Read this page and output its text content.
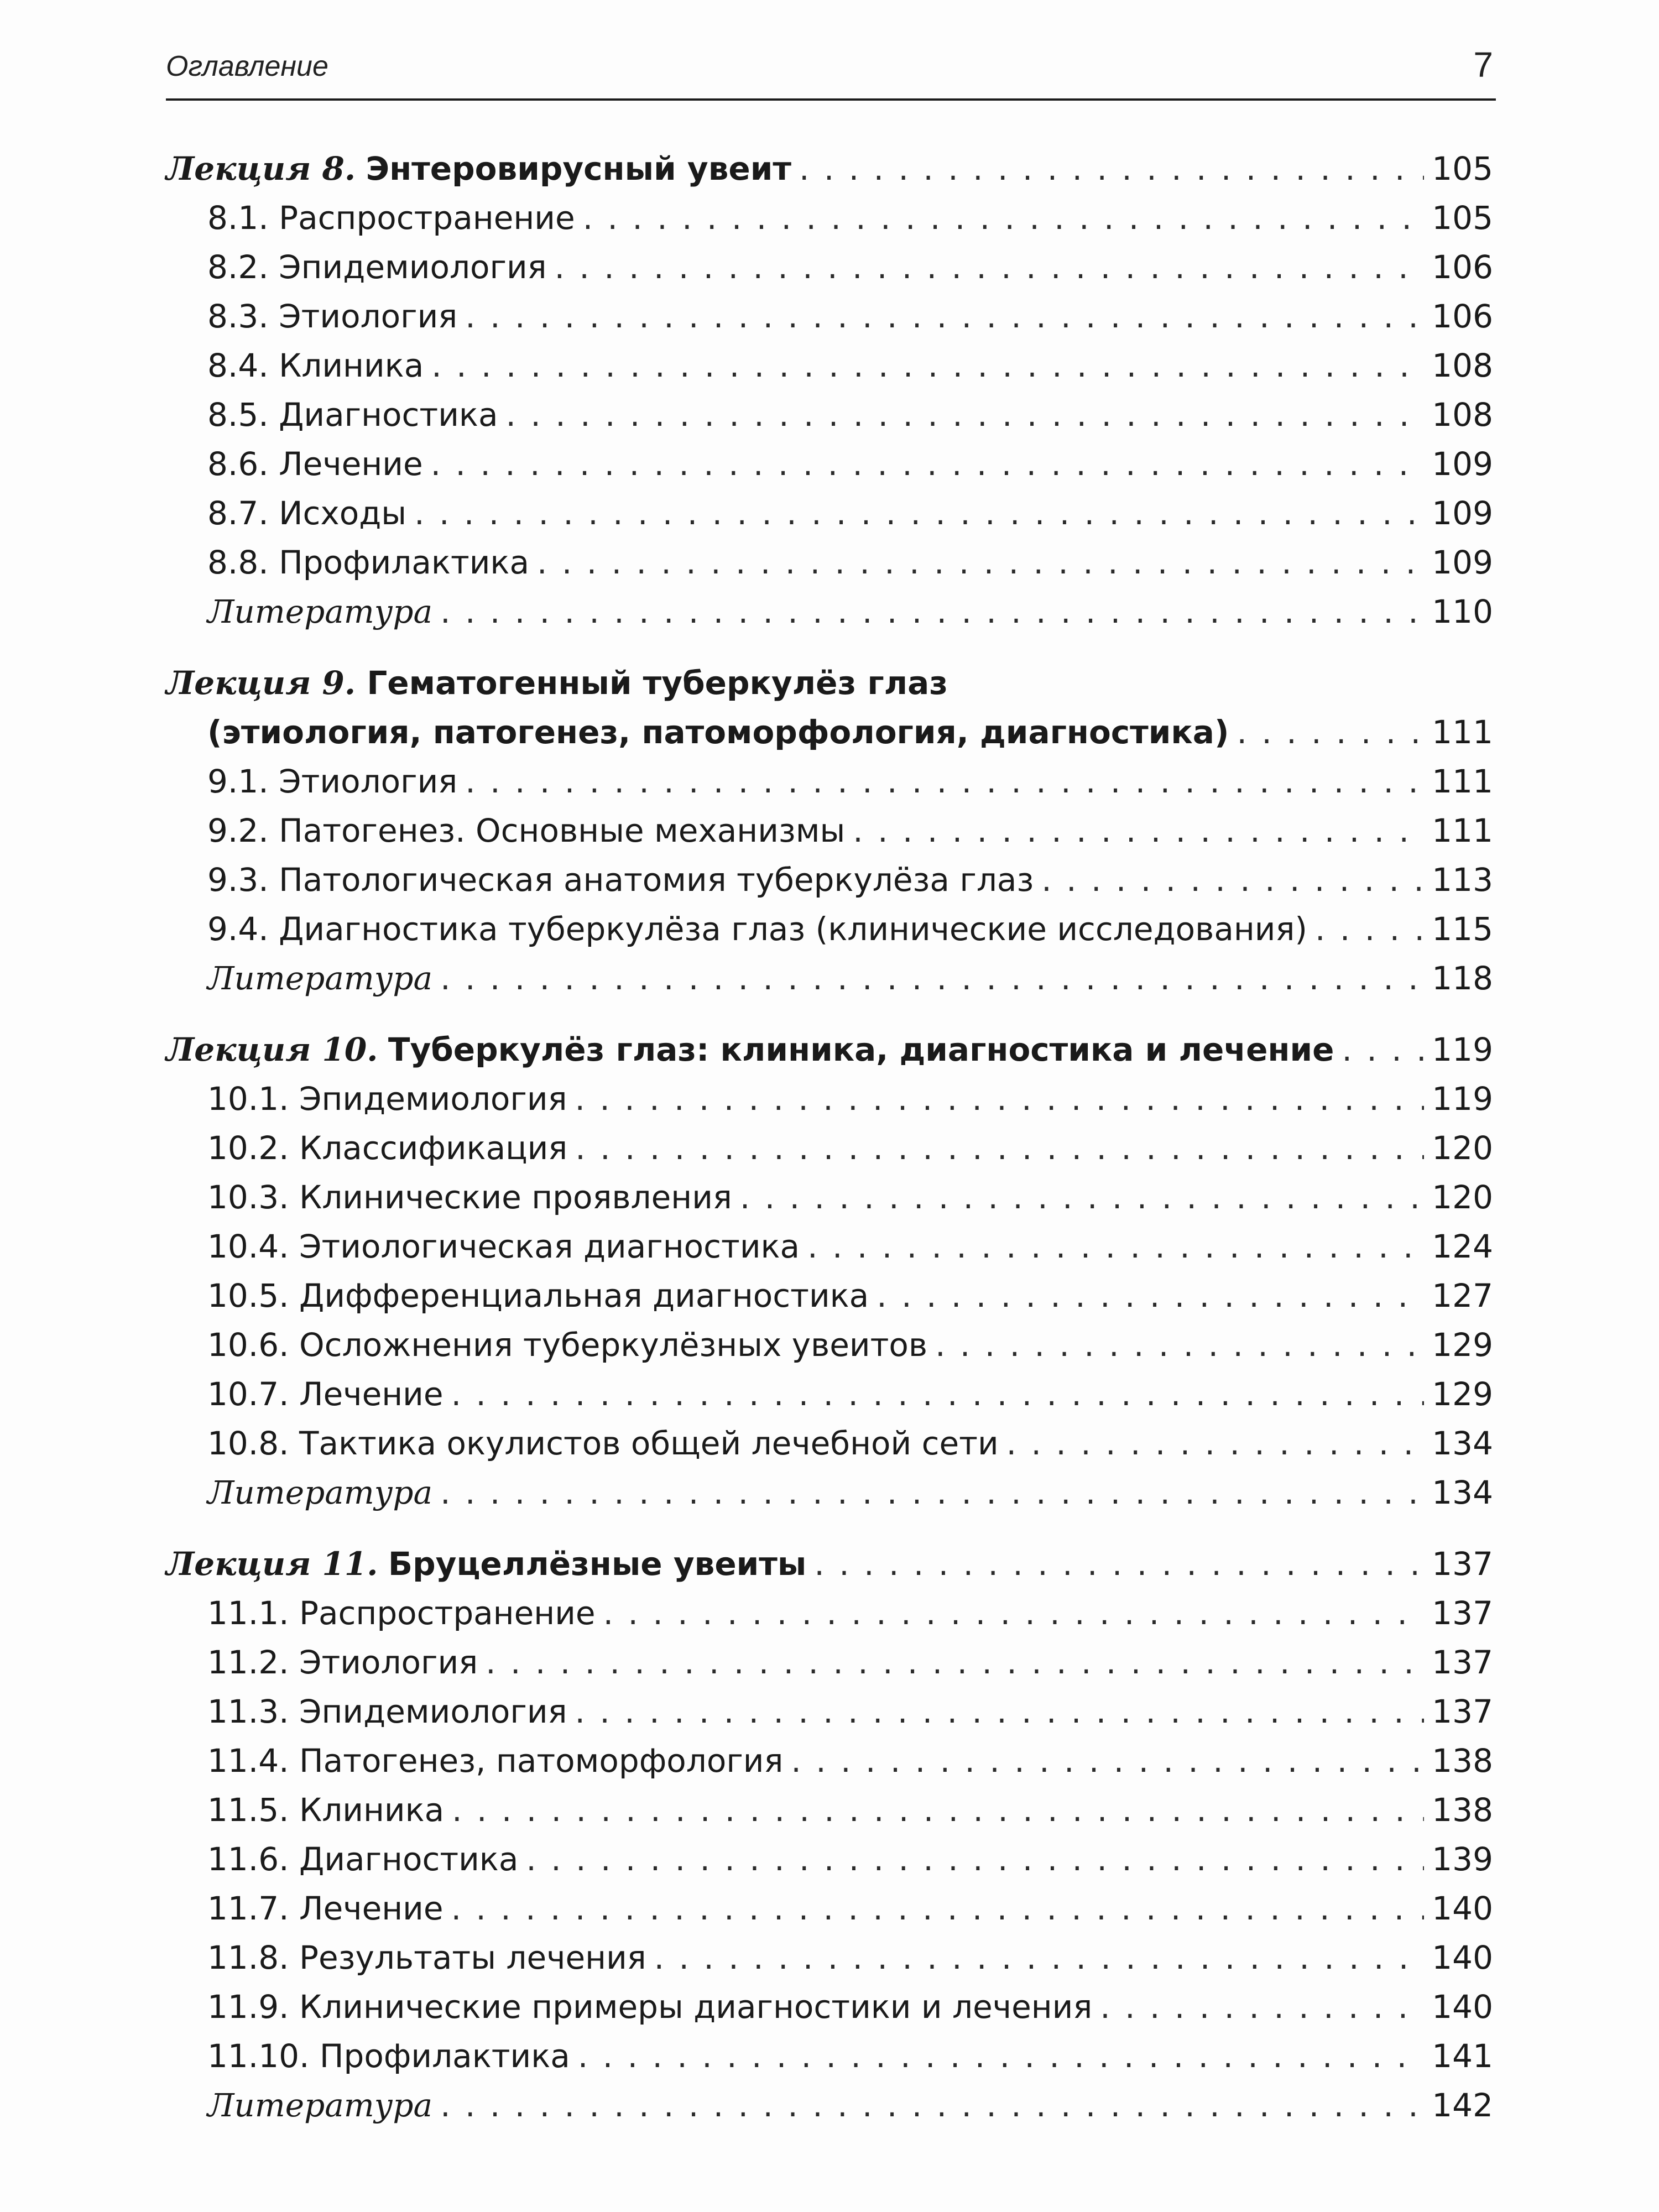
Оглавление	7
Лекция 8. Энтеровирусный увеит . . .	105
8.1. Распространение . . .	105
8.2. Эпидемиология . . .	106
8.3. Этиология . . .	106
8.4. Клиника . . .	108
8.5. Диагностика . . .	108
8.6. Лечение . . .	109
8.7. Исходы . . .	109
8.8. Профилактика . . .	109
Литература . . .	110
Лекция 9. Гематогенный туберкулёз глаз
(этиология, патогенез, патоморфология, диагностика) . . .	111
9.1. Этиология . . .	111
9.2. Патогенез. Основные механизмы . . .	111
9.3. Патологическая анатомия туберкулёза глаз . . .	113
9.4. Диагностика туберкулёза глаз (клинические исследования) . . .	115
Литература . . .	118
Лекция 10. Туберкулёз глаз: клиника, диагностика и лечение . . .	119
10.1. Эпидемиология . . .	119
10.2. Классификация . . .	120
10.3. Клинические проявления . . .	120
10.4. Этиологическая диагностика . . .	124
10.5. Дифференциальная диагностика . . .	127
10.6. Осложнения туберкулёзных увеитов . . .	129
10.7. Лечение . . .	129
10.8. Тактика окулистов общей лечебной сети . . .	134
Литература . . .	134
Лекция 11. Бруцеллёзные увеиты . . .	137
11.1. Распространение . . .	137
11.2. Этиология . . .	137
11.3. Эпидемиология . . .	137
11.4. Патогенез, патоморфология . . .	138
11.5. Клиника . . .	138
11.6. Диагностика . . .	139
11.7. Лечение . . .	140
11.8. Результаты лечения . . .	140
11.9. Клинические примеры диагностики и лечения . . .	140
11.10. Профилактика . . .	141
Литература . . .	142
